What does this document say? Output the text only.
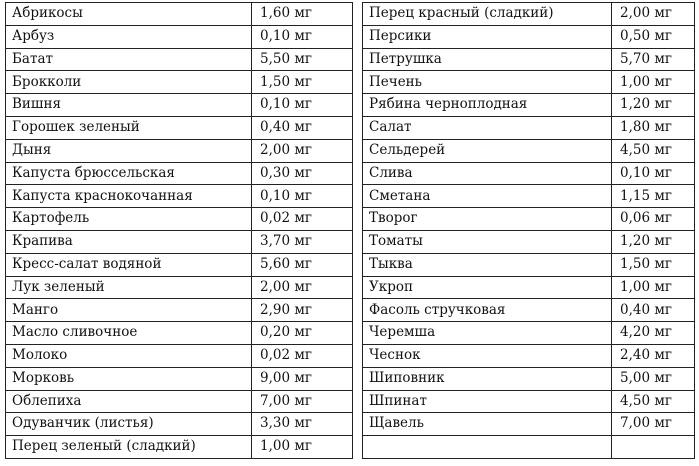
Абрикосы	1,60 мг
Арбуз	0,10 мг
Батат	5,50 мг
Брокколи	1,50 мг
Вишня	0,10 мг
Горошек зеленый	0,40 мг
Дыня	2,00 мг
Капуста брюссельская	0,30 мг
Капуста краснокочанная	0,10 мг
Картофель	0,02 мг
Крапива	3,70 мг
Кресс-салат водяной	5,60 мг
Лук зеленый	2,00 мг
Манго	2,90 мг
Масло сливочное	0,20 мг
Молоко	0,02 мг
Морковь	9,00 мг
Облепиха	7,00 мг
Одуванчик (листья)	3,30 мг
Перец зеленый (сладкий)	1,00 мг
Перец красный (сладкий)	2,00 мг
Персики	0,50 мг
Петрушка	5,70 мг
Печень	1,00 мг
Рябина черноплодная	1,20 мг
Салат	1,80 мг
Сельдерей	4,50 мг
Слива	0,10 мг
Сметана	1,15 мг
Творог	0,06 мг
Томаты	1,20 мг
Тыква	1,50 мг
Укроп	1,00 мг
Фасоль стручковая	0,40 мг
Черемша	4,20 мг
Чеснок	2,40 мг
Шиповник	5,00 мг
Шпинат	4,50 мг
Щавель	7,00 мг
